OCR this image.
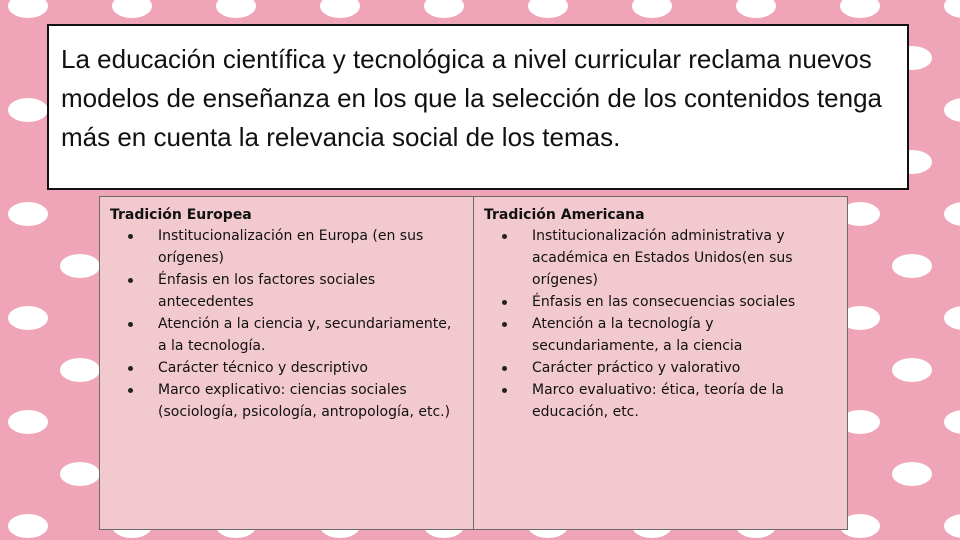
La educación científica y tecnológica a nivel curricular reclama nuevos modelos de enseñanza en los que la selección de los contenidos tenga más en cuenta la relevancia social de los temas.

Tradición Europea
Institucionalización en Europa (en sus orígenes)
Énfasis en los factores sociales antecedentes
Atención a la ciencia y, secundariamente, a la tecnología.
Carácter técnico y descriptivo
Marco explicativo: ciencias sociales (sociología, psicología, antropología, etc.)
Tradición Americana
Institucionalización administrativa y académica en Estados Unidos(en sus orígenes)
Énfasis en las consecuencias sociales
Atención a la tecnología y secundariamente, a la ciencia
Carácter práctico y valorativo
Marco evaluativo: ética, teoría de la educación, etc.
